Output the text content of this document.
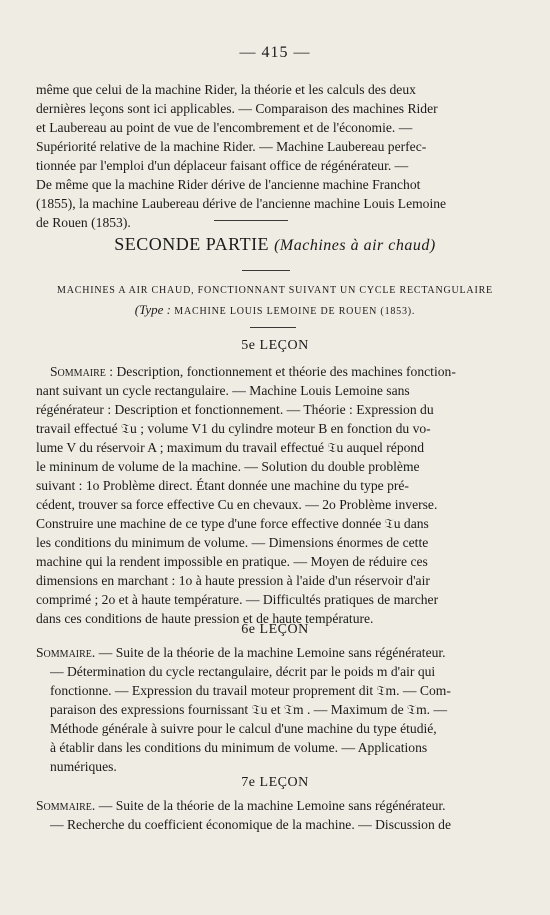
— 415 —
même que celui de la machine Rider, la théorie et les calculs des deux
dernières leçons sont ici applicables. — Comparaison des machines Rider
et Laubereau au point de vue de l'encombrement et de l'économie. —
Supériorité relative de la machine Rider. — Machine Laubereau perfec-
tionnée par l'emploi d'un déplaceur faisant office de régénérateur. —
De même que la machine Rider dérive de l'ancienne machine Franchot
(1855), la machine Laubereau dérive de l'ancienne machine Louis Lemoine
de Rouen (1853).
SECONDE PARTIE (Machines à air chaud)
MACHINES A AIR CHAUD, FONCTIONNANT SUIVANT UN CYCLE RECTANGULAIRE
(Type : MACHINE LOUIS LEMOINE DE ROUEN (1853).
5e LEÇON
Sommaire : Description, fonctionnement et théorie des machines fonction-
nant suivant un cycle rectangulaire. — Machine Louis Lemoine sans
régénérateur : Description et fonctionnement. — Théorie : Expression du
travail effectué 𝔗u ; volume V1 du cylindre moteur B en fonction du vo-
lume V du réservoir A ; maximum du travail effectué 𝔗u auquel répond
le mininum de volume de la machine. — Solution du double problème
suivant : 1o Problème direct. Étant donnée une machine du type pré-
cédent, trouver sa force effective Cu en chevaux. — 2o Problème inverse.
Construire une machine de ce type d'une force effective donnée 𝔗u dans
les conditions du minimum de volume. — Dimensions énormes de cette
machine qui la rendent impossible en pratique. — Moyen de réduire ces
dimensions en marchant : 1o à haute pression à l'aide d'un réservoir d'air
comprimé ; 2o et à haute température. — Difficultés pratiques de marcher
dans ces conditions de haute pression et de haute température.
6e LEÇON
Sommaire. — Suite de la théorie de la machine Lemoine sans régénérateur.
— Détermination du cycle rectangulaire, décrit par le poids m d'air qui
fonctionne. — Expression du travail moteur proprement dit 𝔗m. — Com-
paraison des expressions fournissant 𝔗u et 𝔗m . — Maximum de 𝔗m. —
Méthode générale à suivre pour le calcul d'une machine du type étudié,
à établir dans les conditions du minimum de volume. — Applications
numériques.
7e LEÇON
Sommaire. — Suite de la théorie de la machine Lemoine sans régénérateur.
— Recherche du coefficient économique de la machine. — Discussion de
